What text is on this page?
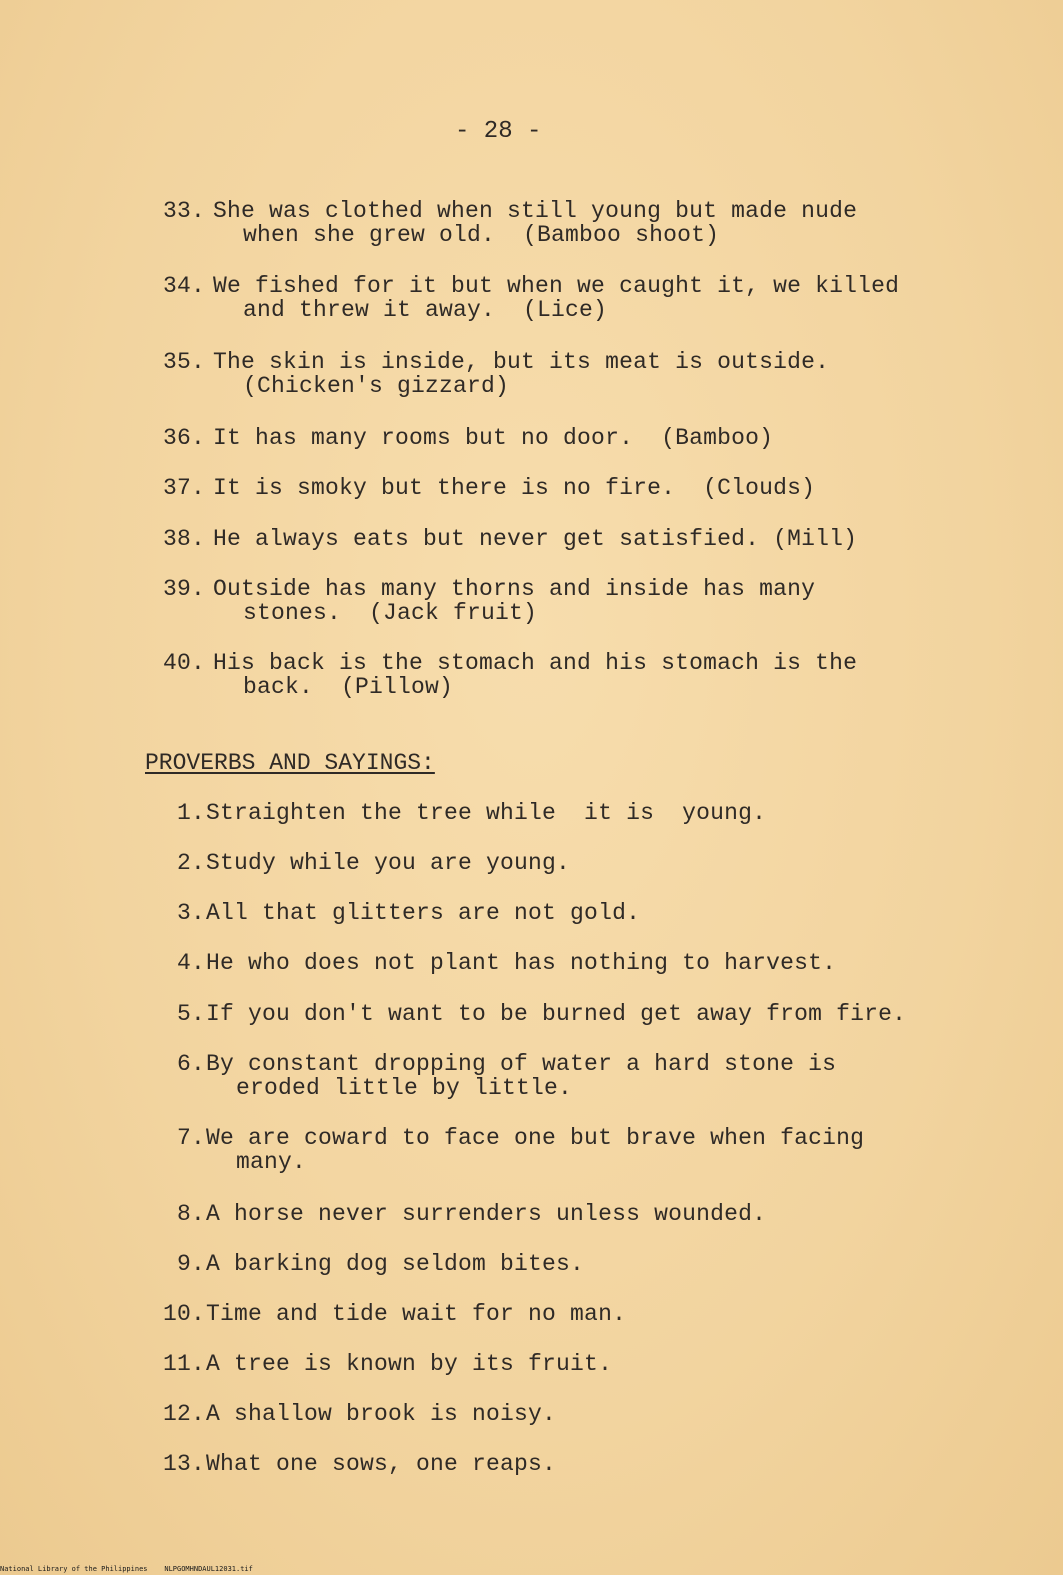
- 28 -
33. She was clothed when still young but made nude
when she grew old.  (Bamboo shoot)
34. We fished for it but when we caught it, we killed
and threw it away.  (Lice)
35. The skin is inside, but its meat is outside.
(Chicken's gizzard)
36. It has many rooms but no door.  (Bamboo)
37. It is smoky but there is no fire.  (Clouds)
38. He always eats but never get satisfied. (Mill)
39. Outside has many thorns and inside has many
stones.  (Jack fruit)
40. His back is the stomach and his stomach is the
back.  (Pillow)
PROVERBS AND SAYINGS:
1. Straighten the tree while  it is  young.
2. Study while you are young.
3. All that glitters are not gold.
4. He who does not plant has nothing to harvest.
5. If you don't want to be burned get away from fire.
6. By constant dropping of water a hard stone is
eroded little by little.
7. We are coward to face one but brave when facing
many.
8. A horse never surrenders unless wounded.
9. A barking dog seldom bites.
10. Time and tide wait for no man.
11. A tree is known by its fruit.
12. A shallow brook is noisy.
13. What one sows, one reaps.
National Library of the Philippines    NLPGOMHNDAUL12031.tif
